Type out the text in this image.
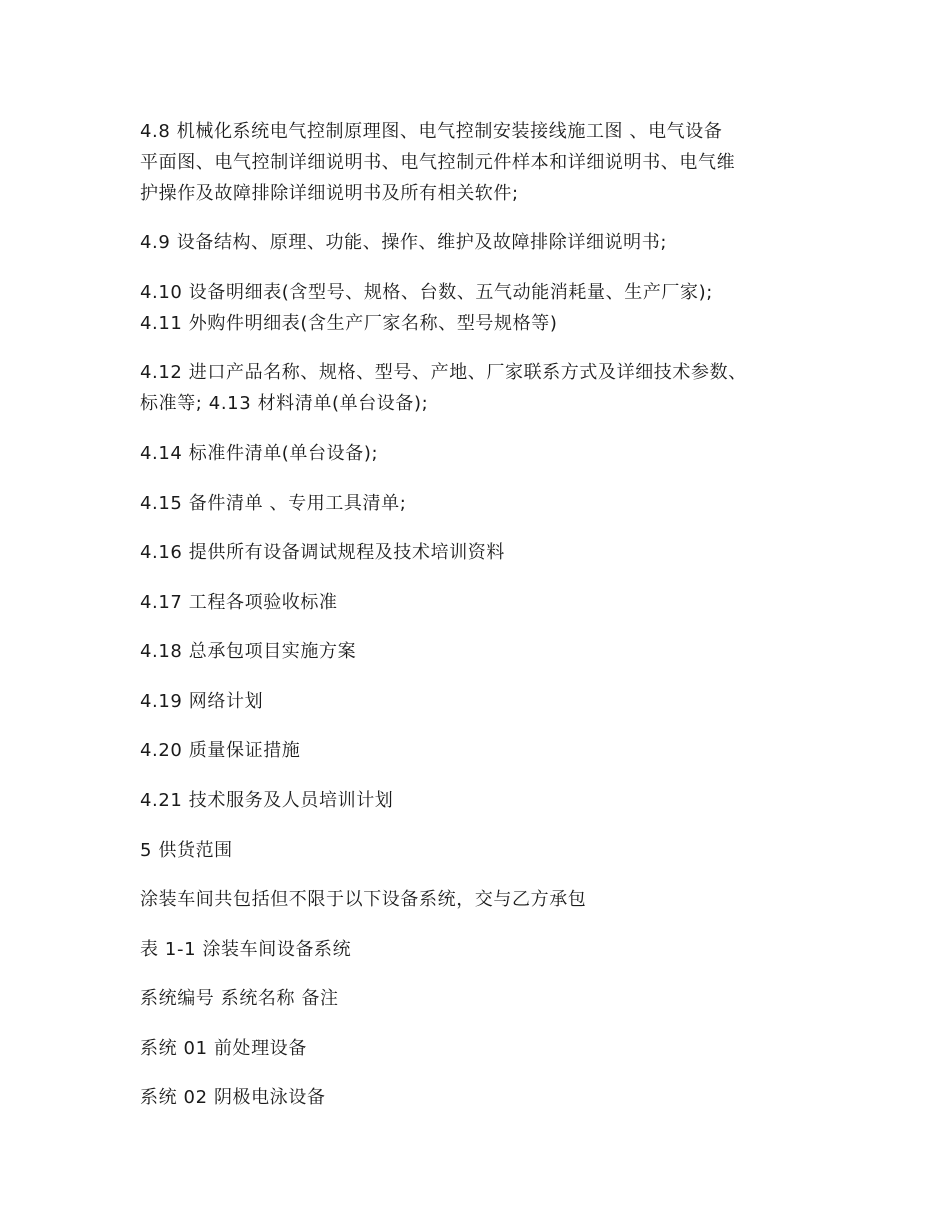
4.8 机械化系统电气控制原理图、电气控制安装接线施工图 、电气设备
平面图、电气控制详细说明书、电气控制元件样本和详细说明书、电气维
护操作及故障排除详细说明书及所有相关软件;
4.9 设备结构、原理、功能、操作、维护及故障排除详细说明书;
4.10 设备明细表(含型号、规格、台数、五气动能消耗量、生产厂家);
4.11 外购件明细表(含生产厂家名称、型号规格等)
4.12 进口产品名称、规格、型号、产地、厂家联系方式及详细技术参数、
标准等; 4.13 材料清单(单台设备);
4.14 标准件清单(单台设备);
4.15 备件清单 、专用工具清单;
4.16 提供所有设备调试规程及技术培训资料
4.17 工程各项验收标准
4.18 总承包项目实施方案
4.19 网络计划
4.20 质量保证措施
4.21 技术服务及人员培训计划
5 供货范围
涂装车间共包括但不限于以下设备系统，交与乙方承包
表 1-1 涂装车间设备系统
系统编号 系统名称 备注
系统 01 前处理设备
系统 02 阴极电泳设备
